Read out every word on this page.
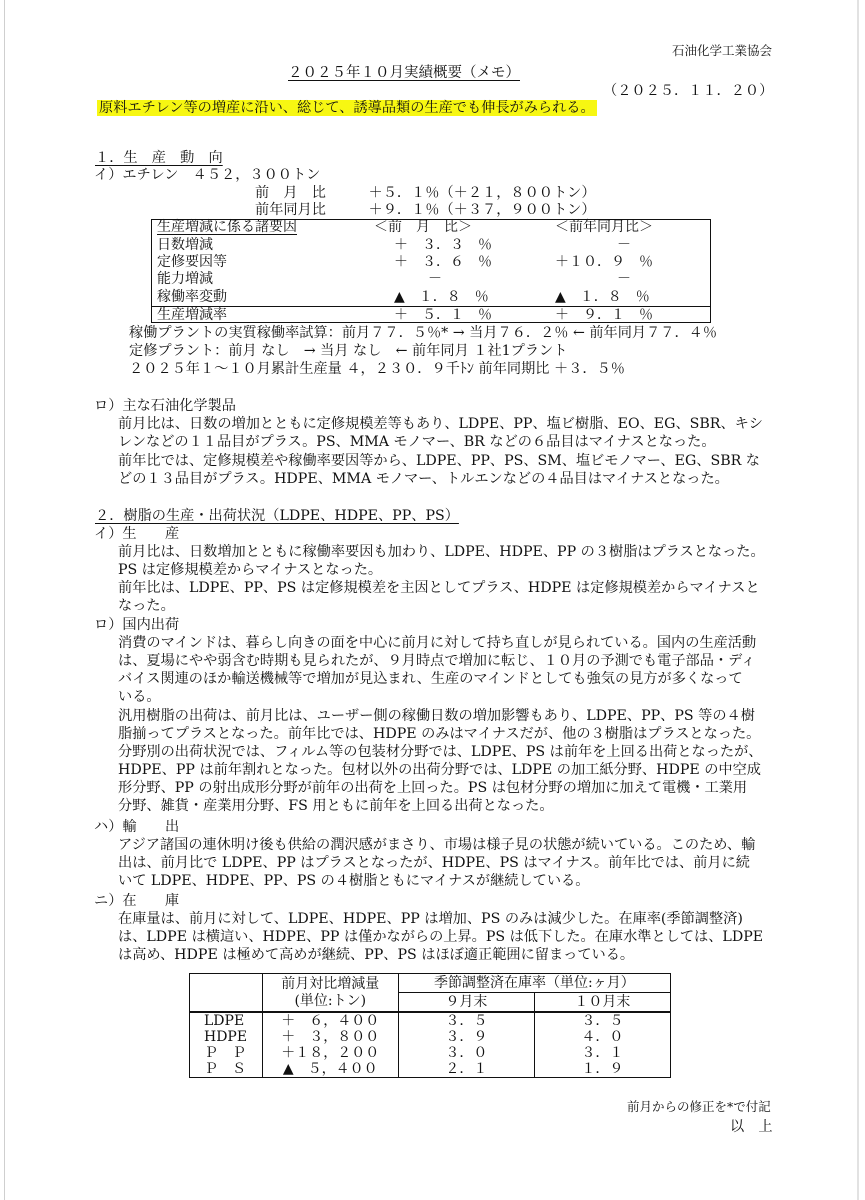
石油化学工業協会
２０２５年１０月実績概要（メモ）
（２０２５．１１．２０）
原料エチレン等の増産に沿い、総じて、誘導品類の生産でも伸長がみられる。
１．生　産　動　向
イ）エチレン　４５２，３００トン
前　月　比　　　＋５．１％（＋２１，８００トン）
前年同月比　　　＋９．１％（＋３７，９００トン）
生産増減に係る諸要因	＜前　月　比＞	＜前年同月比＞
日数増減	＋　３．３　％	－
定修要因等	＋　３．６　％	＋１０．９　％
能力増減	－	－
稼働率変動	▲　１．８　％	▲　１．８　％
生産増減率	＋　５．１　％	＋　９．１　％
稼働プラントの実質稼働率試算：前月７７．５％* → 当月７６．２％ ← 前年同月７７．４％
定修プラント：前月 なし　→ 当月 なし　← 前年同月 １社1プラント
２０２５年１～１０月累計生産量 ４，２３０．９千ﾄﾝ 前年同期比 ＋３．５％
ロ）主な石油化学製品
前月比は、日数の増加とともに定修規模差等もあり、LDPE、PP、塩ビ樹脂、EO、EG、SBR、キシ
レンなどの１１品目がプラス。PS、MMA モノマー、BR などの６品目はマイナスとなった。
前年比では、定修規模差や稼働率要因等から、LDPE、PP、PS、SM、塩ビモノマー、EG、SBR な
どの１３品目がプラス。HDPE、MMA モノマー、トルエンなどの４品目はマイナスとなった。
２．樹脂の生産・出荷状況（LDPE、HDPE、PP、PS）
イ）生　　産
前月比は、日数増加とともに稼働率要因も加わり、LDPE、HDPE、PP の３樹脂はプラスとなった。
PS は定修規模差からマイナスとなった。
前年比は、LDPE、PP、PS は定修規模差を主因としてプラス、HDPE は定修規模差からマイナスと
なった。
ロ）国内出荷
消費のマインドは、暮らし向きの面を中心に前月に対して持ち直しが見られている。国内の生産活動
は、夏場にやや弱含む時期も見られたが、９月時点で増加に転じ、１０月の予測でも電子部品・ディ
バイス関連のほか輸送機械等で増加が見込まれ、生産のマインドとしても強気の見方が多くなって
いる。
汎用樹脂の出荷は、前月比は、ユーザー側の稼働日数の増加影響もあり、LDPE、PP、PS 等の４樹
脂揃ってプラスとなった。前年比では、HDPE のみはマイナスだが、他の３樹脂はプラスとなった。
分野別の出荷状況では、フィルム等の包装材分野では、LDPE、PS は前年を上回る出荷となったが、
HDPE、PP は前年割れとなった。包材以外の出荷分野では、LDPE の加工紙分野、HDPE の中空成
形分野、PP の射出成形分野が前年の出荷を上回った。PS は包材分野の増加に加えて電機・工業用
分野、雑貨・産業用分野、FS 用ともに前年を上回る出荷となった。
ハ）輸　　出
アジア諸国の連休明け後も供給の潤沢感がまさり、市場は様子見の状態が続いている。このため、輸
出は、前月比で LDPE、PP はプラスとなったが、HDPE、PS はマイナス。前年比では、前月に続
いて LDPE、HDPE、PP、PS の４樹脂ともにマイナスが継続している。
ニ）在　　庫
在庫量は、前月に対して、LDPE、HDPE、PP は増加、PS のみは減少した。在庫率(季節調整済)
は、LDPE は横這い、HDPE、PP は僅かながらの上昇。PS は低下した。在庫水準としては、LDPE
は高め、HDPE は極めて高めが継続、PP、PS はほぼ適正範囲に留まっている。
	前月対比増減量
(単位:トン)	季節調整済在庫率（単位:ヶ月）	
		９月末	１０月末
LDPE	＋　６，４００	３．５	３．５
HDPE	＋　３，８００	３．９	４．０
Ｐ　Ｐ	＋１８，２００	３．０	３．１
Ｐ　Ｓ	▲　５，４００	２．１	１．９
前月からの修正を*で付記
以　上
